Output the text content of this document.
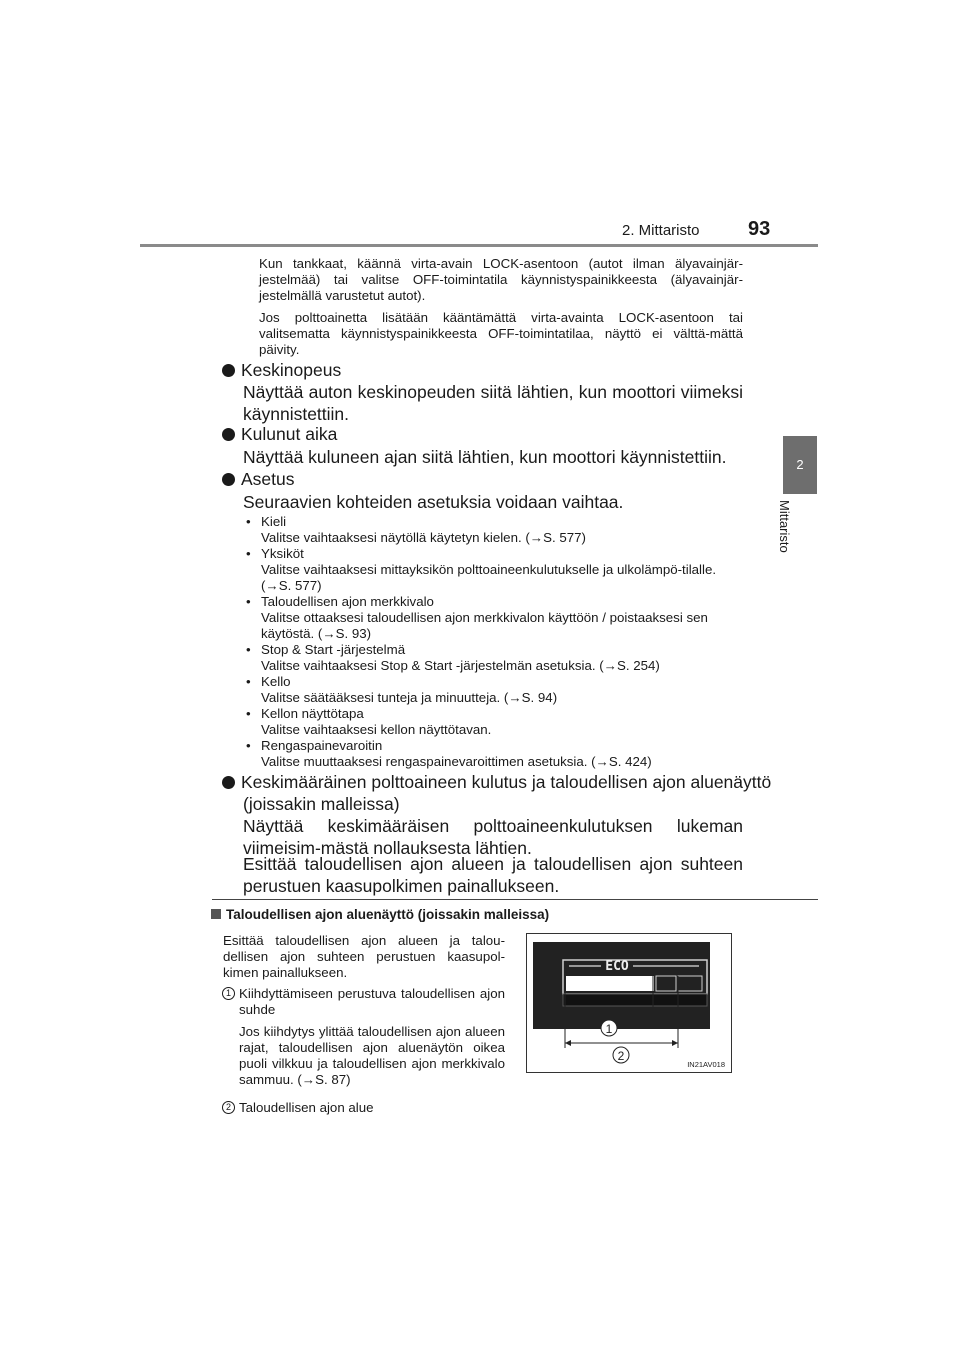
2. Mittaristo 93
2
Mittaristo
Kun tankkaat, käännä virta-avain LOCK-asentoon (autot ilman älyavainjär-jestelmää) tai valitse OFF-toimintatila käynnistyspainikkeesta (älyavainjär-jestelmällä varustetut autot).
Jos polttoainetta lisätään kääntämättä virta-avainta LOCK-asentoon tai valitsematta käynnistyspainikkeesta OFF-toimintatilaa, näyttö ei välttä-mättä päivity.
Keskinopeus
Näyttää auton keskinopeuden siitä lähtien, kun moottori viimeksi käynnistettiin.
Kulunut aika
Näyttää kuluneen ajan siitä lähtien, kun moottori käynnistettiin.
Asetus
Seuraavien kohteiden asetuksia voidaan vaihtaa.
• Kieli
Valitse vaihtaaksesi näytöllä käytetyn kielen. (→S. 577)
• Yksiköt
Valitse vaihtaaksesi mittayksikön polttoaineenkulutukselle ja ulkolämpö-tilalle. (→S. 577)
• Taloudellisen ajon merkkivalo
Valitse ottaaksesi taloudellisen ajon merkkivalon käyttöön / poistaaksesi sen käytöstä. (→S. 93)
• Stop & Start -järjestelmä
Valitse vaihtaaksesi Stop & Start -järjestelmän asetuksia. (→S. 254)
• Kello
Valitse säätääksesi tunteja ja minuutteja. (→S. 94)
• Kellon näyttötapa
Valitse vaihtaaksesi kellon näyttötavan.
• Rengaspainevaroitin
Valitse muuttaaksesi rengaspainevaroittimen asetuksia. (→S. 424)
Keskimääräinen polttoaineen kulutus ja taloudellisen ajon aluenäyttö
(joissakin malleissa)
Näyttää keskimääräisen polttoaineenkulutuksen lukeman viimeisim-mästä nollauksesta lähtien.
Esittää taloudellisen ajon alueen ja taloudellisen ajon suhteen perustuen kaasupolkimen painallukseen.
Taloudellisen ajon aluenäyttö (joissakin malleissa)
Esittää taloudellisen ajon alueen ja talou-dellisen ajon suhteen perustuen kaasupol-kimen painallukseen.
1 Kiihdyttämiseen perustuva taloudellisen ajon suhde
Jos kiihdytys ylittää taloudellisen ajon alueen rajat, taloudellisen ajon aluenäytön oikea puoli vilkkuu ja taloudellisen ajon merkkivalo sammuu. (→S. 87)
2 Taloudellisen ajon alue
ECO
1
2
IN21AV018
